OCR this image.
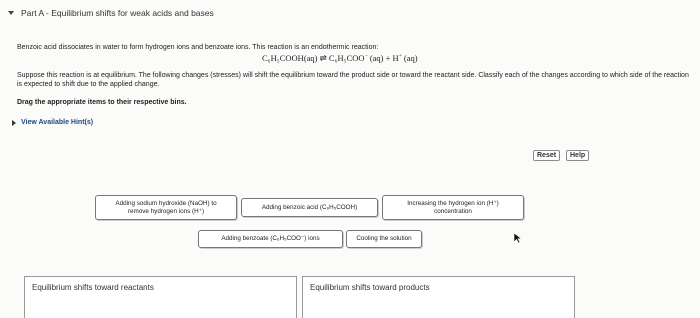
Part A - Equilibrium shifts for weak acids and bases
Benzoic acid dissociates in water to form hydrogen ions and benzoate ions. This reaction is an endothermic reaction:
C₆H₅COOH(aq) ⇌ C₆H₅COO− (aq) + H+ (aq)
Suppose this reaction is at equilibrium. The following changes (stresses) will shift the equilibrium toward the product side or toward the reactant side. Classify each of the changes according to which side of the reaction is expected to shift due to the applied change.
Drag the appropriate items to their respective bins.
View Available Hint(s)
Reset	Help
Adding sodium hydroxide (NaOH) to
remove hydrogen ions (H⁺)
Adding benzoic acid (C₆H₅COOH)
Increasing the hydrogen ion (H⁺)
concentration
Adding benzoate (C₆H₅COO⁻) ions	Cooling the solution
Equilibrium shifts toward reactants	Equilibrium shifts toward products
